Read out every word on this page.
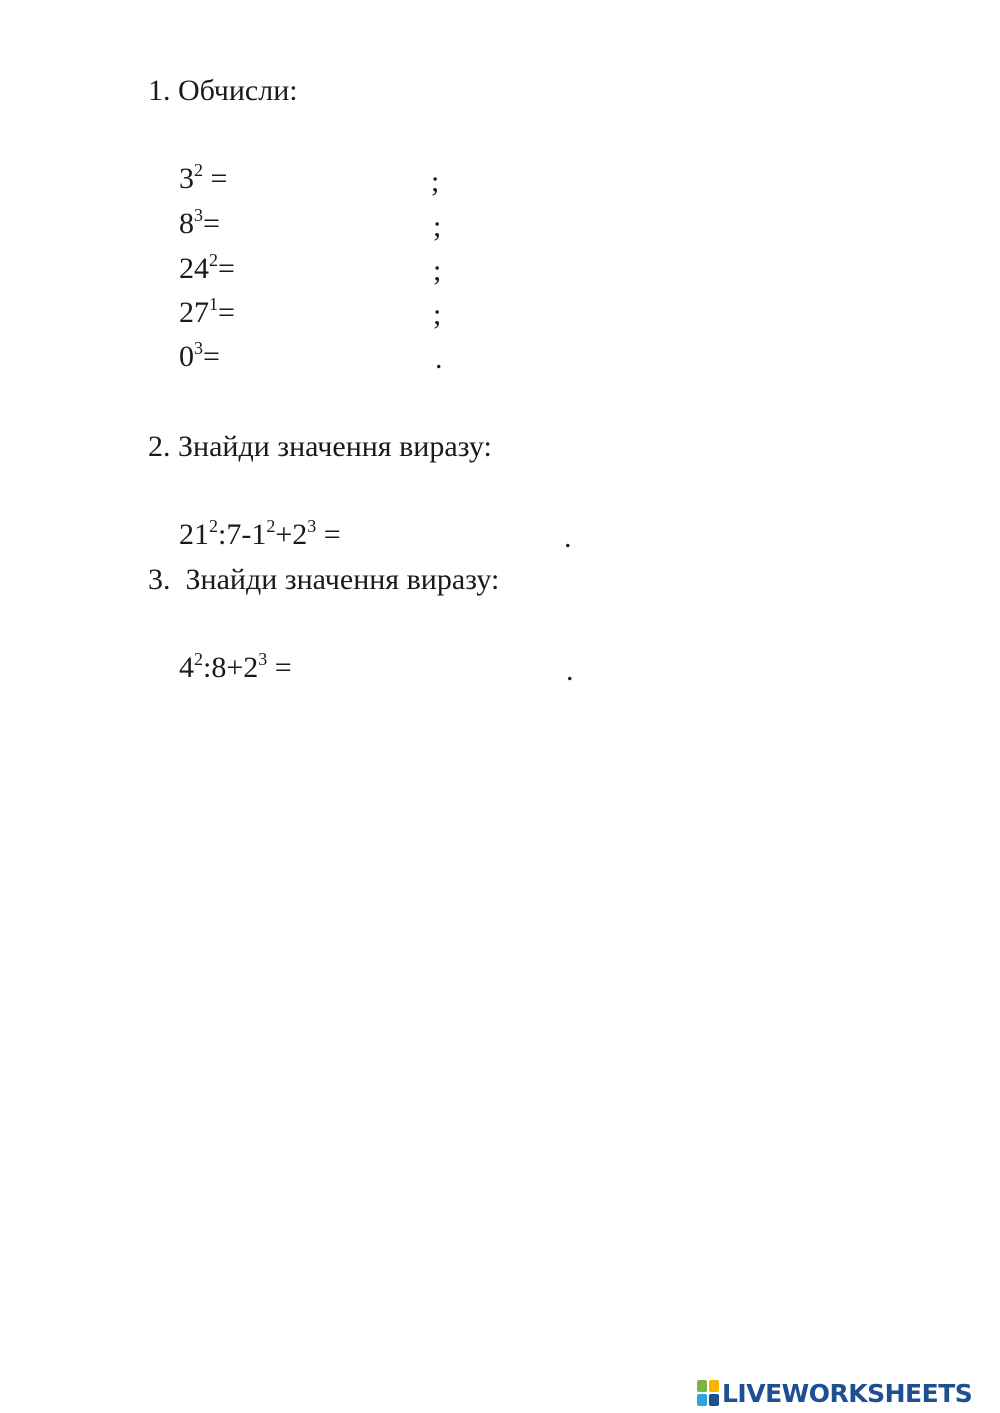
1. Обчисли:
$3^2$ =	;
$8^3=$	;
$24^2=$	;
$27^1=$	;
$0^3=$	.
2. Знайди значення виразу:
$21^2:7-1^2+2^3$ =	.
3. Знайди значення виразу:
$4^2:8+2^3$ =	.
LIVEWORKSHEETS
